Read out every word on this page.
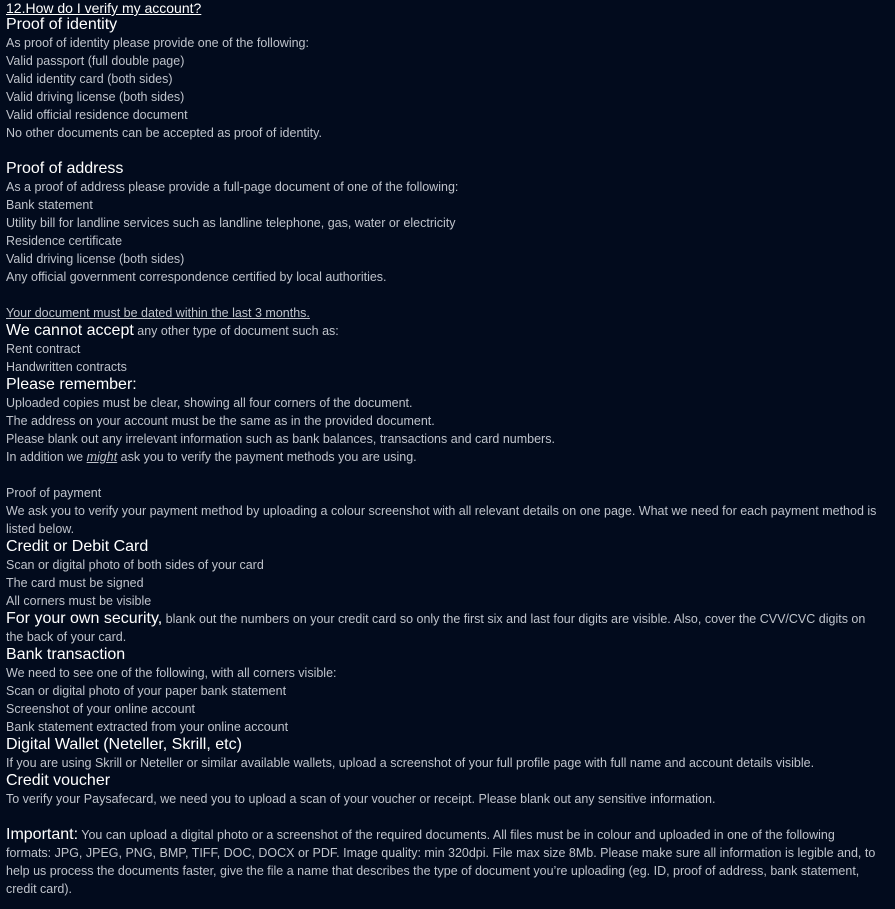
12.How do I verify my account?
Proof of identity
As proof of identity please provide one of the following:
Valid passport (full double page)
Valid identity card (both sides)
Valid driving license (both sides)
Valid official residence document
No other documents can be accepted as proof of identity.
Proof of address
As a proof of address please provide a full-page document of one of the following:
Bank statement
Utility bill for landline services such as landline telephone, gas, water or electricity
Residence certificate
Valid driving license (both sides)
Any official government correspondence certified by local authorities.
Your document must be dated within the last 3 months.
We cannot accept any other type of document such as:
Rent contract
Handwritten contracts
Please remember:
Uploaded copies must be clear, showing all four corners of the document.
The address on your account must be the same as in the provided document.
Please blank out any irrelevant information such as bank balances, transactions and card numbers.
In addition we might ask you to verify the payment methods you are using.
Proof of payment
We ask you to verify your payment method by uploading a colour screenshot with all relevant details on one page. What we need for each payment method is listed below.
Credit or Debit Card
Scan or digital photo of both sides of your card
The card must be signed
All corners must be visible
For your own security, blank out the numbers on your credit card so only the first six and last four digits are visible. Also, cover the CVV/CVC digits on the back of your card.
Bank transaction
We need to see one of the following, with all corners visible:
Scan or digital photo of your paper bank statement
Screenshot of your online account
Bank statement extracted from your online account
Digital Wallet (Neteller, Skrill, etc)
If you are using Skrill or Neteller or similar available wallets, upload a screenshot of your full profile page with full name and account details visible.
Credit voucher
To verify your Paysafecard, we need you to upload a scan of your voucher or receipt. Please blank out any sensitive information.
Important: You can upload a digital photo or a screenshot of the required documents. All files must be in colour and uploaded in one of the following formats: JPG, JPEG, PNG, BMP, TIFF, DOC, DOCX or PDF. Image quality: min 320dpi. File max size 8Mb. Please make sure all information is legible and, to help us process the documents faster, give the file a name that describes the type of document you’re uploading (eg. ID, proof of address, bank statement, credit card).
